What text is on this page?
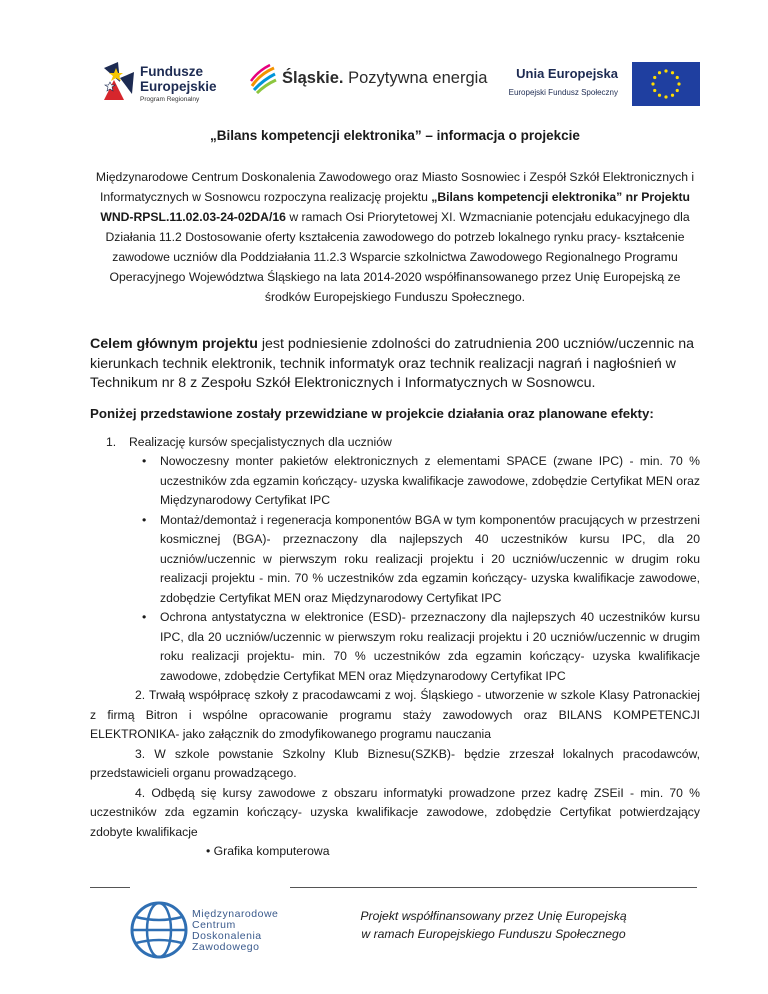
Fundusze
Europejskie
Program Regionalny
Śląskie. Pozytywna energia Unia Europejska
Europejski Fundusz Społeczny
„Bilans kompetencji elektronika” – informacja o projekcie

Międzynarodowe Centrum Doskonalenia Zawodowego oraz Miasto Sosnowiec i Zespół Szkół Elektronicznych i Informatycznych w Sosnowcu rozpoczyna realizację projektu „Bilans kompetencji elektronika” nr Projektu WND-RPSL.11.02.03-24-02DA/16 w ramach Osi Priorytetowej XI. Wzmacnianie potencjału edukacyjnego dla Działania 11.2 Dostosowanie oferty kształcenia zawodowego do potrzeb lokalnego rynku pracy- kształcenie zawodowe uczniów dla Poddziałania 11.2.3 Wsparcie szkolnictwa Zawodowego Regionalnego Programu Operacyjnego Województwa Śląskiego na lata 2014-2020 współfinansowanego przez Unię Europejską ze środków Europejskiego Funduszu Społecznego.

Celem głównym projektu jest podniesienie zdolności do zatrudnienia 200 uczniów/uczennic na kierunkach technik elektronik, technik informatyk oraz technik realizacji nagrań i nagłośnień w Technikum nr 8 z Zespołu Szkół Elektronicznych i Informatycznych w Sosnowcu.

Poniżej przedstawione zostały przewidziane w projekcie działania oraz planowane efekty:

1. Realizację kursów specjalistycznych dla uczniów
• Nowoczesny monter pakietów elektronicznych z elementami SPACE (zwane IPC) - min. 70 % uczestników zda egzamin kończący- uzyska kwalifikacje zawodowe, zdobędzie Certyfikat MEN oraz Międzynarodowy Certyfikat IPC
• Montaż/demontaż i regeneracja komponentów BGA w tym komponentów pracujących w przestrzeni kosmicznej (BGA)- przeznaczony dla najlepszych 40 uczestników kursu IPC, dla 20 uczniów/uczennic w pierwszym roku realizacji projektu i 20 uczniów/uczennic w drugim roku realizacji projektu - min. 70 % uczestników zda egzamin kończący- uzyska kwalifikacje zawodowe, zdobędzie Certyfikat MEN oraz Międzynarodowy Certyfikat IPC
• Ochrona antystatyczna w elektronice (ESD)- przeznaczony dla najlepszych 40 uczestników kursu IPC, dla 20 uczniów/uczennic w pierwszym roku realizacji projektu i 20 uczniów/uczennic w drugim roku realizacji projektu- min. 70 % uczestników zda egzamin kończący- uzyska kwalifikacje zawodowe, zdobędzie Certyfikat MEN oraz Międzynarodowy Certyfikat IPC
2. Trwałą współpracę szkoły z pracodawcami z woj. Śląskiego - utworzenie w szkole Klasy Patronackiej z firmą Bitron i wspólne opracowanie programu staży zawodowych oraz BILANS KOMPETENCJI ELEKTRONIKA- jako załącznik do zmodyfikowanego programu nauczania
3. W szkole powstanie Szkolny Klub Biznesu(SZKB)- będzie zrzeszał lokalnych pracodawców, przedstawicieli organu prowadzącego.
4. Odbędą się kursy zawodowe z obszaru informatyki prowadzone przez kadrę ZSEiI - min. 70 % uczestników zda egzamin kończący- uzyska kwalifikacje zawodowe, zdobędzie Certyfikat potwierdzający zdobyte kwalifikacje
• Grafika komputerowa
Międzynarodowe
Centrum
Doskonalenia
Zawodowego
Projekt współfinansowany przez Unię Europejską
w ramach Europejskiego Funduszu Społecznego
